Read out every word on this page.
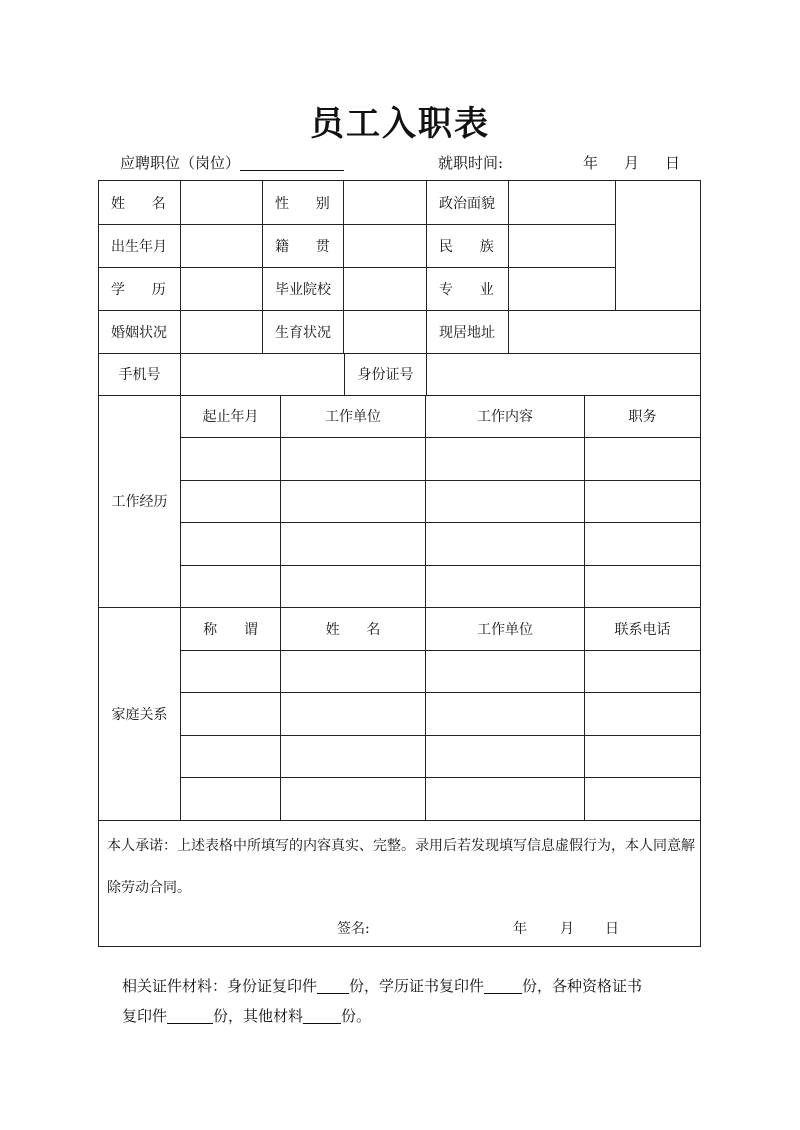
员工入职表
应聘职位（岗位）	就职时间:	年 月 日
姓      名	性      别	政治面貌
出生年月	籍      贯	民      族
学      历	毕业院校	专      业
婚姻状况	生育状况	现居地址
手机号	身份证号
工作经历
起止年月	工作单位	工作内容	职务
家庭关系
称      谓	姓      名	工作单位	联系电话
本人承诺：上述表格中所填写的内容真实、完整。录用后若发现填写信息虚假行为，本人同意解
除劳动合同。
签名:	年 月 日
相关证件材料：身份证复印件 份，学历证书复印件	份，各种资格证书
复印件	份，其他材料	份。
